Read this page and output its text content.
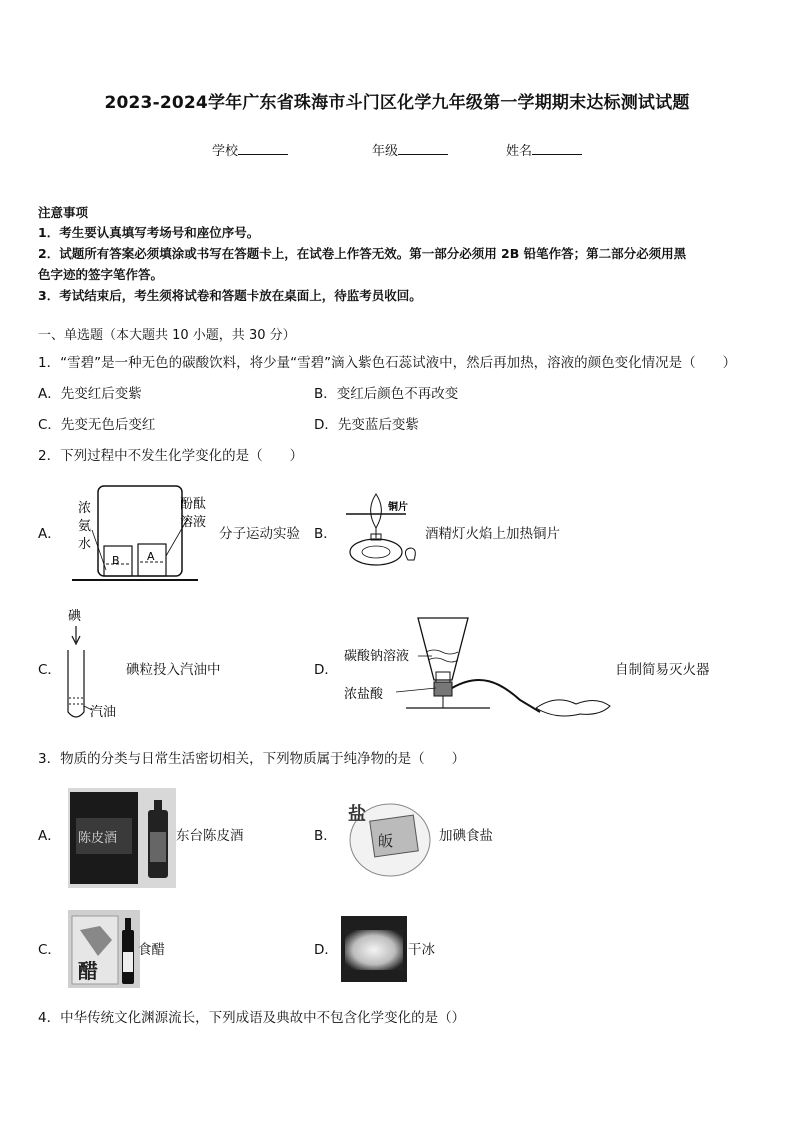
2023-2024学年广东省珠海市斗门区化学九年级第一学期期末达标测试试题
学校	年级	姓名
注意事项
1．考生要认真填写考场号和座位序号。
2．试题所有答案必须填涂或书写在答题卡上，在试卷上作答无效。第一部分必须用 2B 铅笔作答；第二部分必须用黑
色字迹的签字笔作答。
3．考试结束后，考生须将试卷和答题卡放在桌面上，待监考员收回。
一、单选题（本大题共 10 小题，共 30 分）
1．“雪碧”是一种无色的碳酸饮料，将少量“雪碧”滴入紫色石蕊试液中，然后再加热，溶液的颜色变化情况是（　　）
A．先变红后变紫	B．变红后颜色不再改变
C．先变无色后变红	D．先变蓝后变紫
2．下列过程中不发生化学变化的是（　　）
A．
浓
氨
水
酚酞
溶液
B A
分子运动实验 B．
铜片
酒精灯火焰上加热铜片
C．
碘
汽油
碘粒投入汽油中	D．
碳酸钠溶液
浓盐酸
自制简易灭火器
3．物质的分类与日常生活密切相关，下列物质属于纯净物的是（　　）
A． 陈皮酒	东台陈皮酒	B．
盐
皈	加碘食盐
C．
醋
食醋	D．	干冰
4．中华传统文化渊源流长，下列成语及典故中不包含化学变化的是（）
